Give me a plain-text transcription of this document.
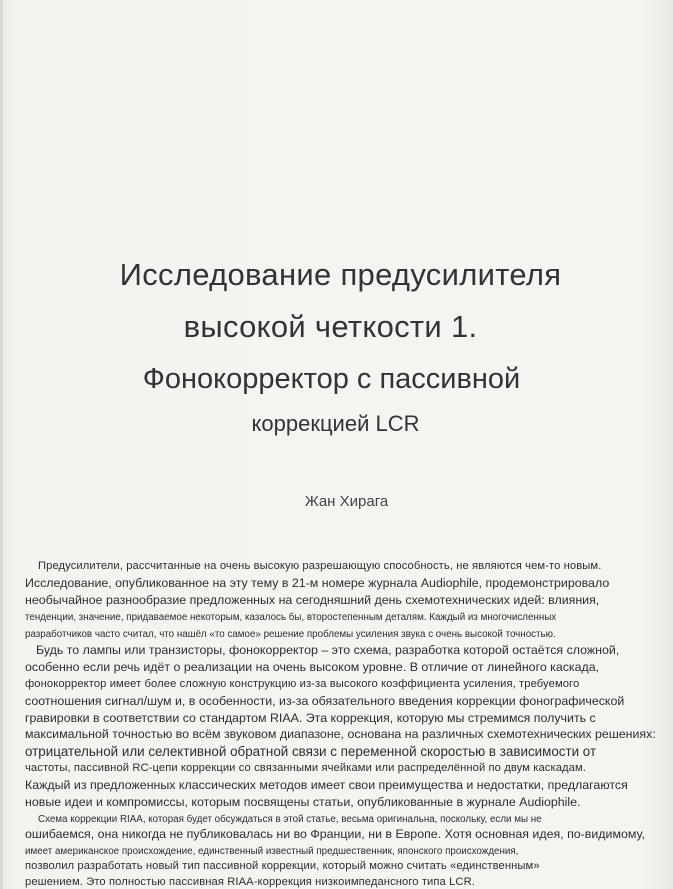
Исследование предусилителя
высокой четкости 1.
Фонокорректор с пассивной
коррекцией LCR
Жан Хирага
Предусилители, рассчитанные на очень высокую разрешающую способность, не являются чем-то новым.
Исследование, опубликованное на эту тему в 21-м номере журнала Audiophile, продемонстрировало
необычайное разнообразие предложенных на сегодняшний день схемотехнических идей: влияния,
тенденции, значение, придаваемое некоторым, казалось бы, второстепенным деталям. Каждый из многочисленных
разработчиков часто считал, что нашёл «то самое» решение проблемы усиления звука с очень высокой точностью.
Будь то лампы или транзисторы, фонокорректор – это схема, разработка которой остаётся сложной,
особенно если речь идёт о реализации на очень высоком уровне. В отличие от линейного каскада,
фонокорректор имеет более сложную конструкцию из-за высокого коэффициента усиления, требуемого
соотношения сигнал/шум и, в особенности, из-за обязательного введения коррекции фонографической
гравировки в соответствии со стандартом RIAA. Эта коррекция, которую мы стремимся получить с
максимальной точностью во всём звуковом диапазоне, основана на различных схемотехнических решениях:
отрицательной или селективной обратной связи с переменной скоростью в зависимости от
частоты, пассивной RC-цепи коррекции со связанными ячейками или распределённой по двум каскадам.
Каждый из предложенных классических методов имеет свои преимущества и недостатки, предлагаются
новые идеи и компромиссы, которым посвящены статьи, опубликованные в журнале Audiophile.
Схема коррекции RIAA, которая будет обсуждаться в этой статье, весьма оригинальна, поскольку, если мы не
ошибаемся, она никогда не публиковалась ни во Франции, ни в Европе. Хотя основная идея, по-видимому,
имеет американское происхождение, единственный известный предшественник, японского происхождения,
позволил разработать новый тип пассивной коррекции, который можно считать «единственным»
решением. Это полностью пассивная RIAA-коррекция низкоимпедансного типа LCR.
